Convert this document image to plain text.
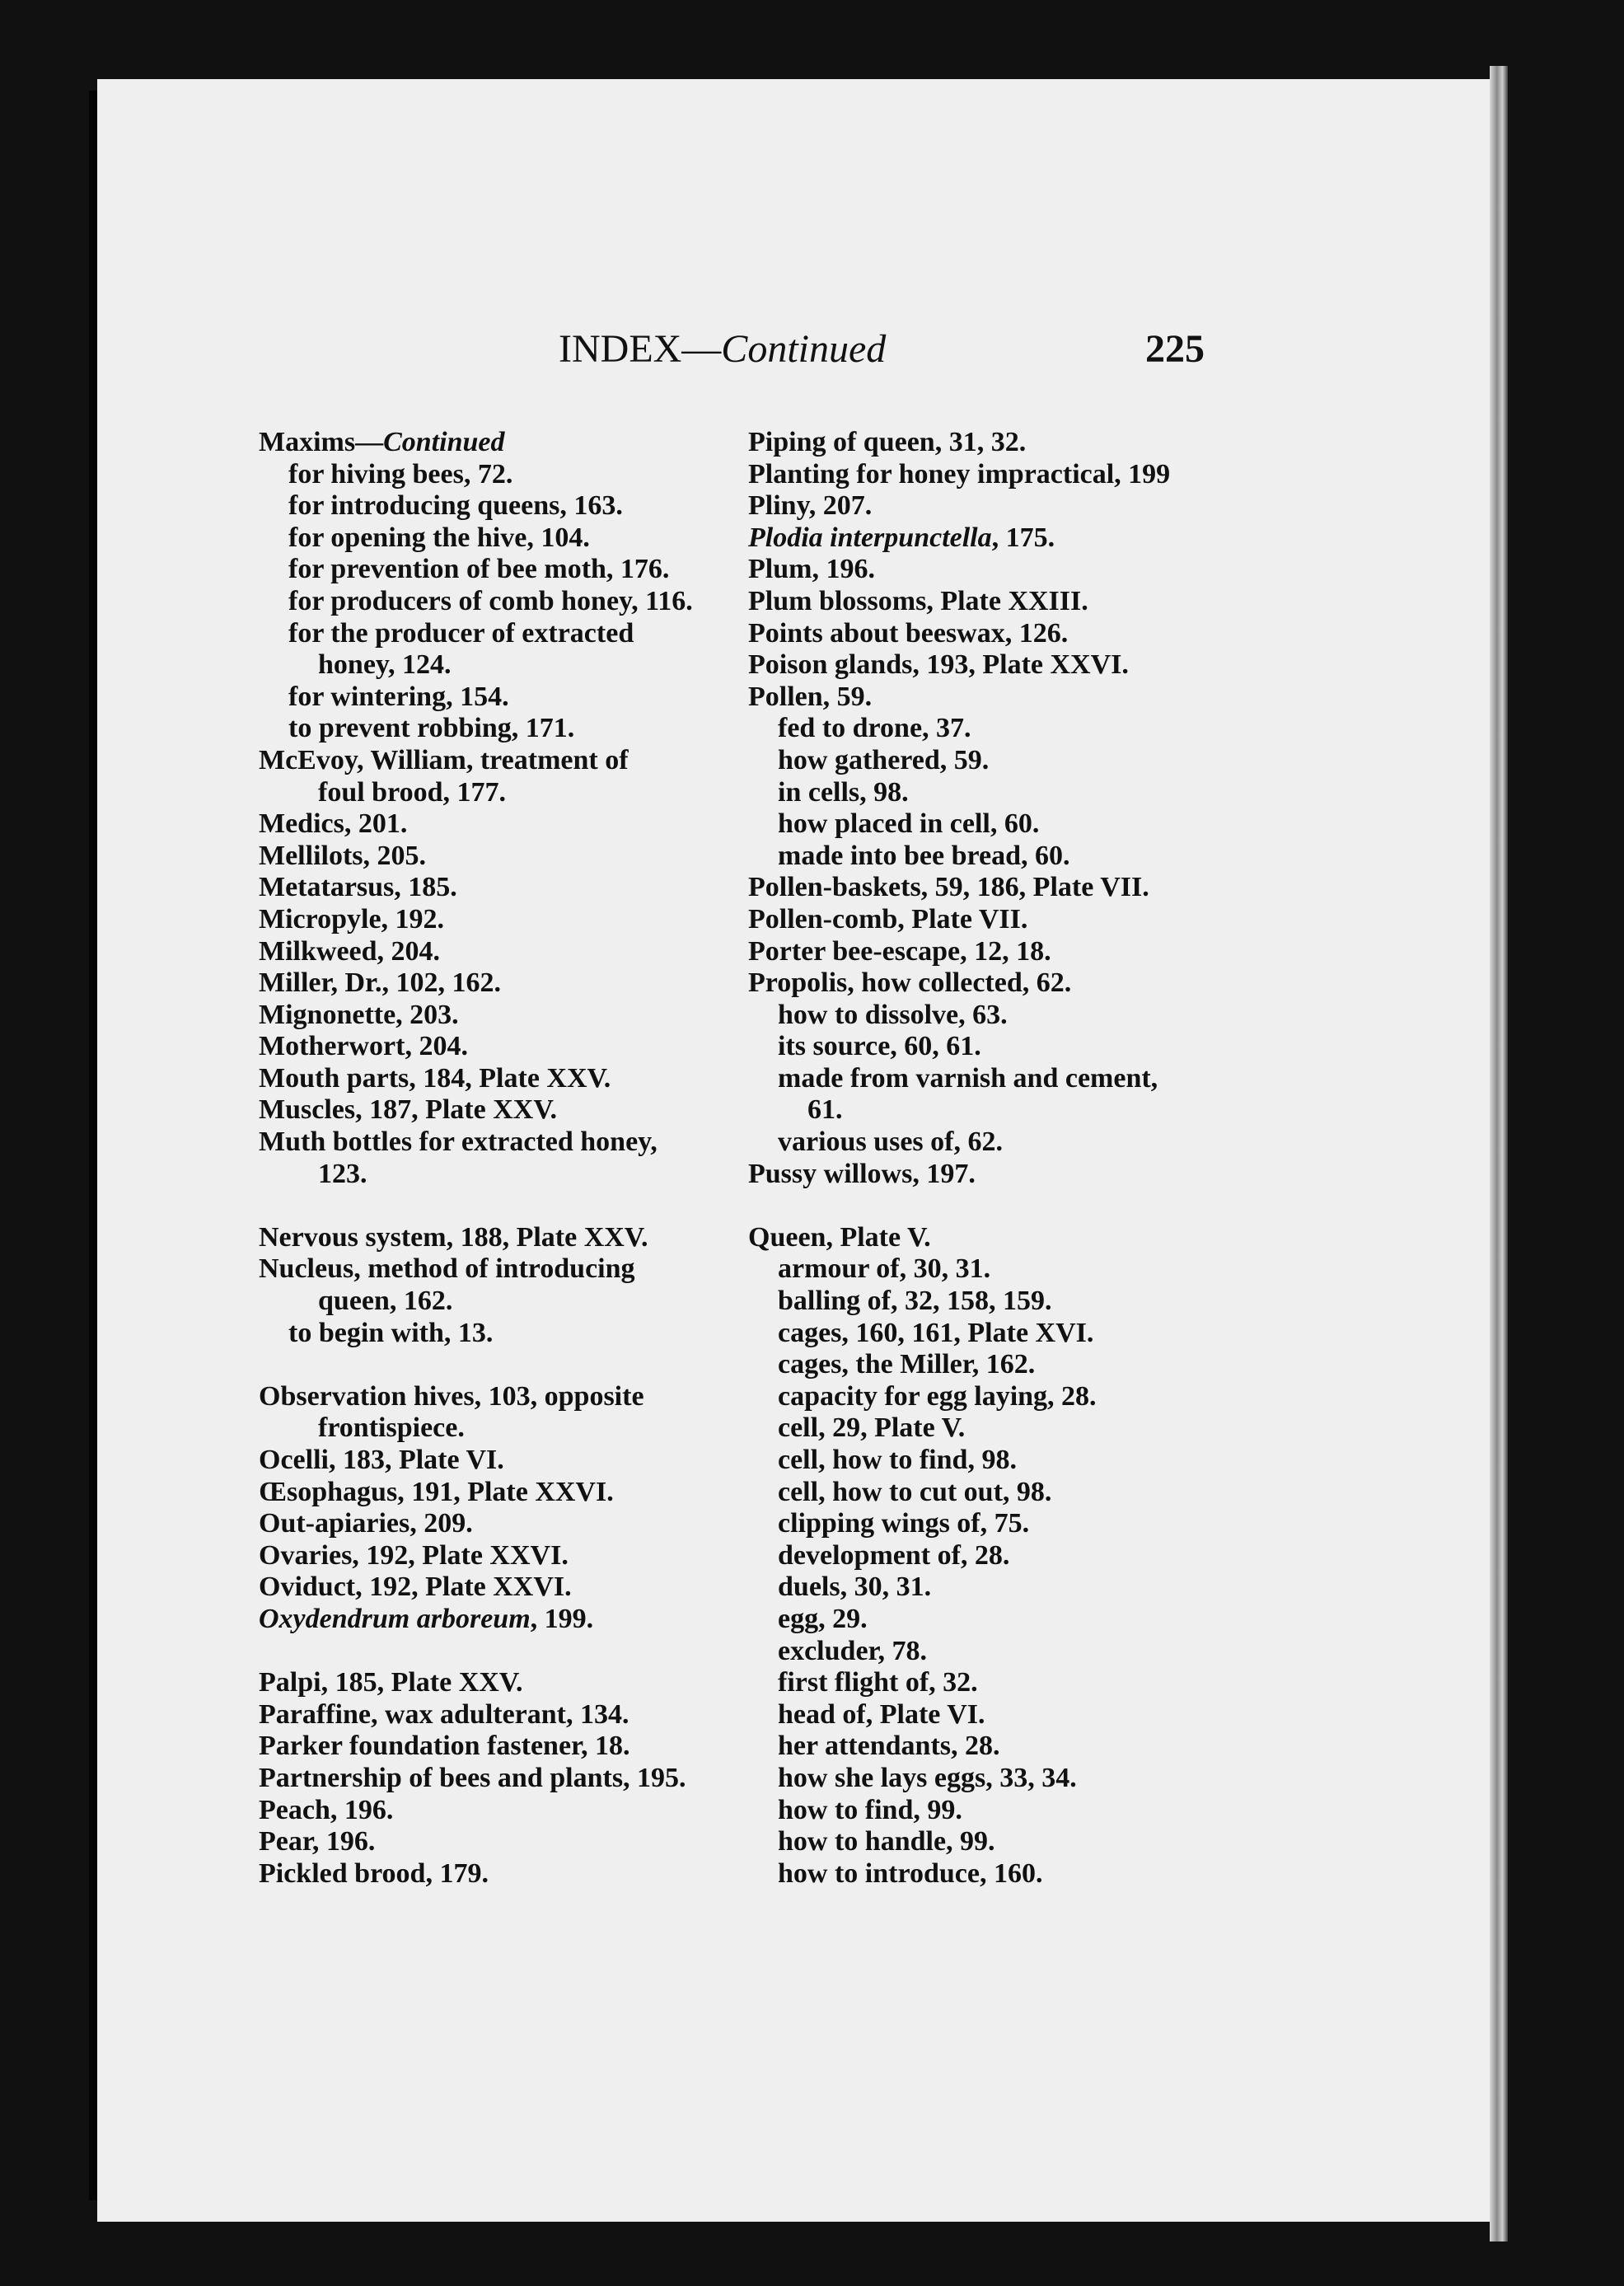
INDEX—Continued	225
Maxims—Continued
for hiving bees, 72.
for introducing queens, 163.
for opening the hive, 104.
for prevention of bee moth, 176.
for producers of comb honey, 116.
for the producer of extracted
honey, 124.
for wintering, 154.
to prevent robbing, 171.
McEvoy, William, treatment of
foul brood, 177.
Medics, 201.
Mellilots, 205.
Metatarsus, 185.
Micropyle, 192.
Milkweed, 204.
Miller, Dr., 102, 162.
Mignonette, 203.
Motherwort, 204.
Mouth parts, 184, Plate XXV.
Muscles, 187, Plate XXV.
Muth bottles for extracted honey,
123.
Nervous system, 188, Plate XXV.
Nucleus, method of introducing
queen, 162.
to begin with, 13.
Observation hives, 103, opposite
frontispiece.
Ocelli, 183, Plate VI.
Œsophagus, 191, Plate XXVI.
Out-apiaries, 209.
Ovaries, 192, Plate XXVI.
Oviduct, 192, Plate XXVI.
Oxydendrum arboreum, 199.
Palpi, 185, Plate XXV.
Paraffine, wax adulterant, 134.
Parker foundation fastener, 18.
Partnership of bees and plants, 195.
Peach, 196.
Pear, 196.
Pickled brood, 179.
Piping of queen, 31, 32.
Planting for honey impractical, 199
Pliny, 207.
Plodia interpunctella, 175.
Plum, 196.
Plum blossoms, Plate XXIII.
Points about beeswax, 126.
Poison glands, 193, Plate XXVI.
Pollen, 59.
fed to drone, 37.
how gathered, 59.
in cells, 98.
how placed in cell, 60.
made into bee bread, 60.
Pollen-baskets, 59, 186, Plate VII.
Pollen-comb, Plate VII.
Porter bee-escape, 12, 18.
Propolis, how collected, 62.
how to dissolve, 63.
its source, 60, 61.
made from varnish and cement,
61.
various uses of, 62.
Pussy willows, 197.
Queen, Plate V.
armour of, 30, 31.
balling of, 32, 158, 159.
cages, 160, 161, Plate XVI.
cages, the Miller, 162.
capacity for egg laying, 28.
cell, 29, Plate V.
cell, how to find, 98.
cell, how to cut out, 98.
clipping wings of, 75.
development of, 28.
duels, 30, 31.
egg, 29.
excluder, 78.
first flight of, 32.
head of, Plate VI.
her attendants, 28.
how she lays eggs, 33, 34.
how to find, 99.
how to handle, 99.
how to introduce, 160.
